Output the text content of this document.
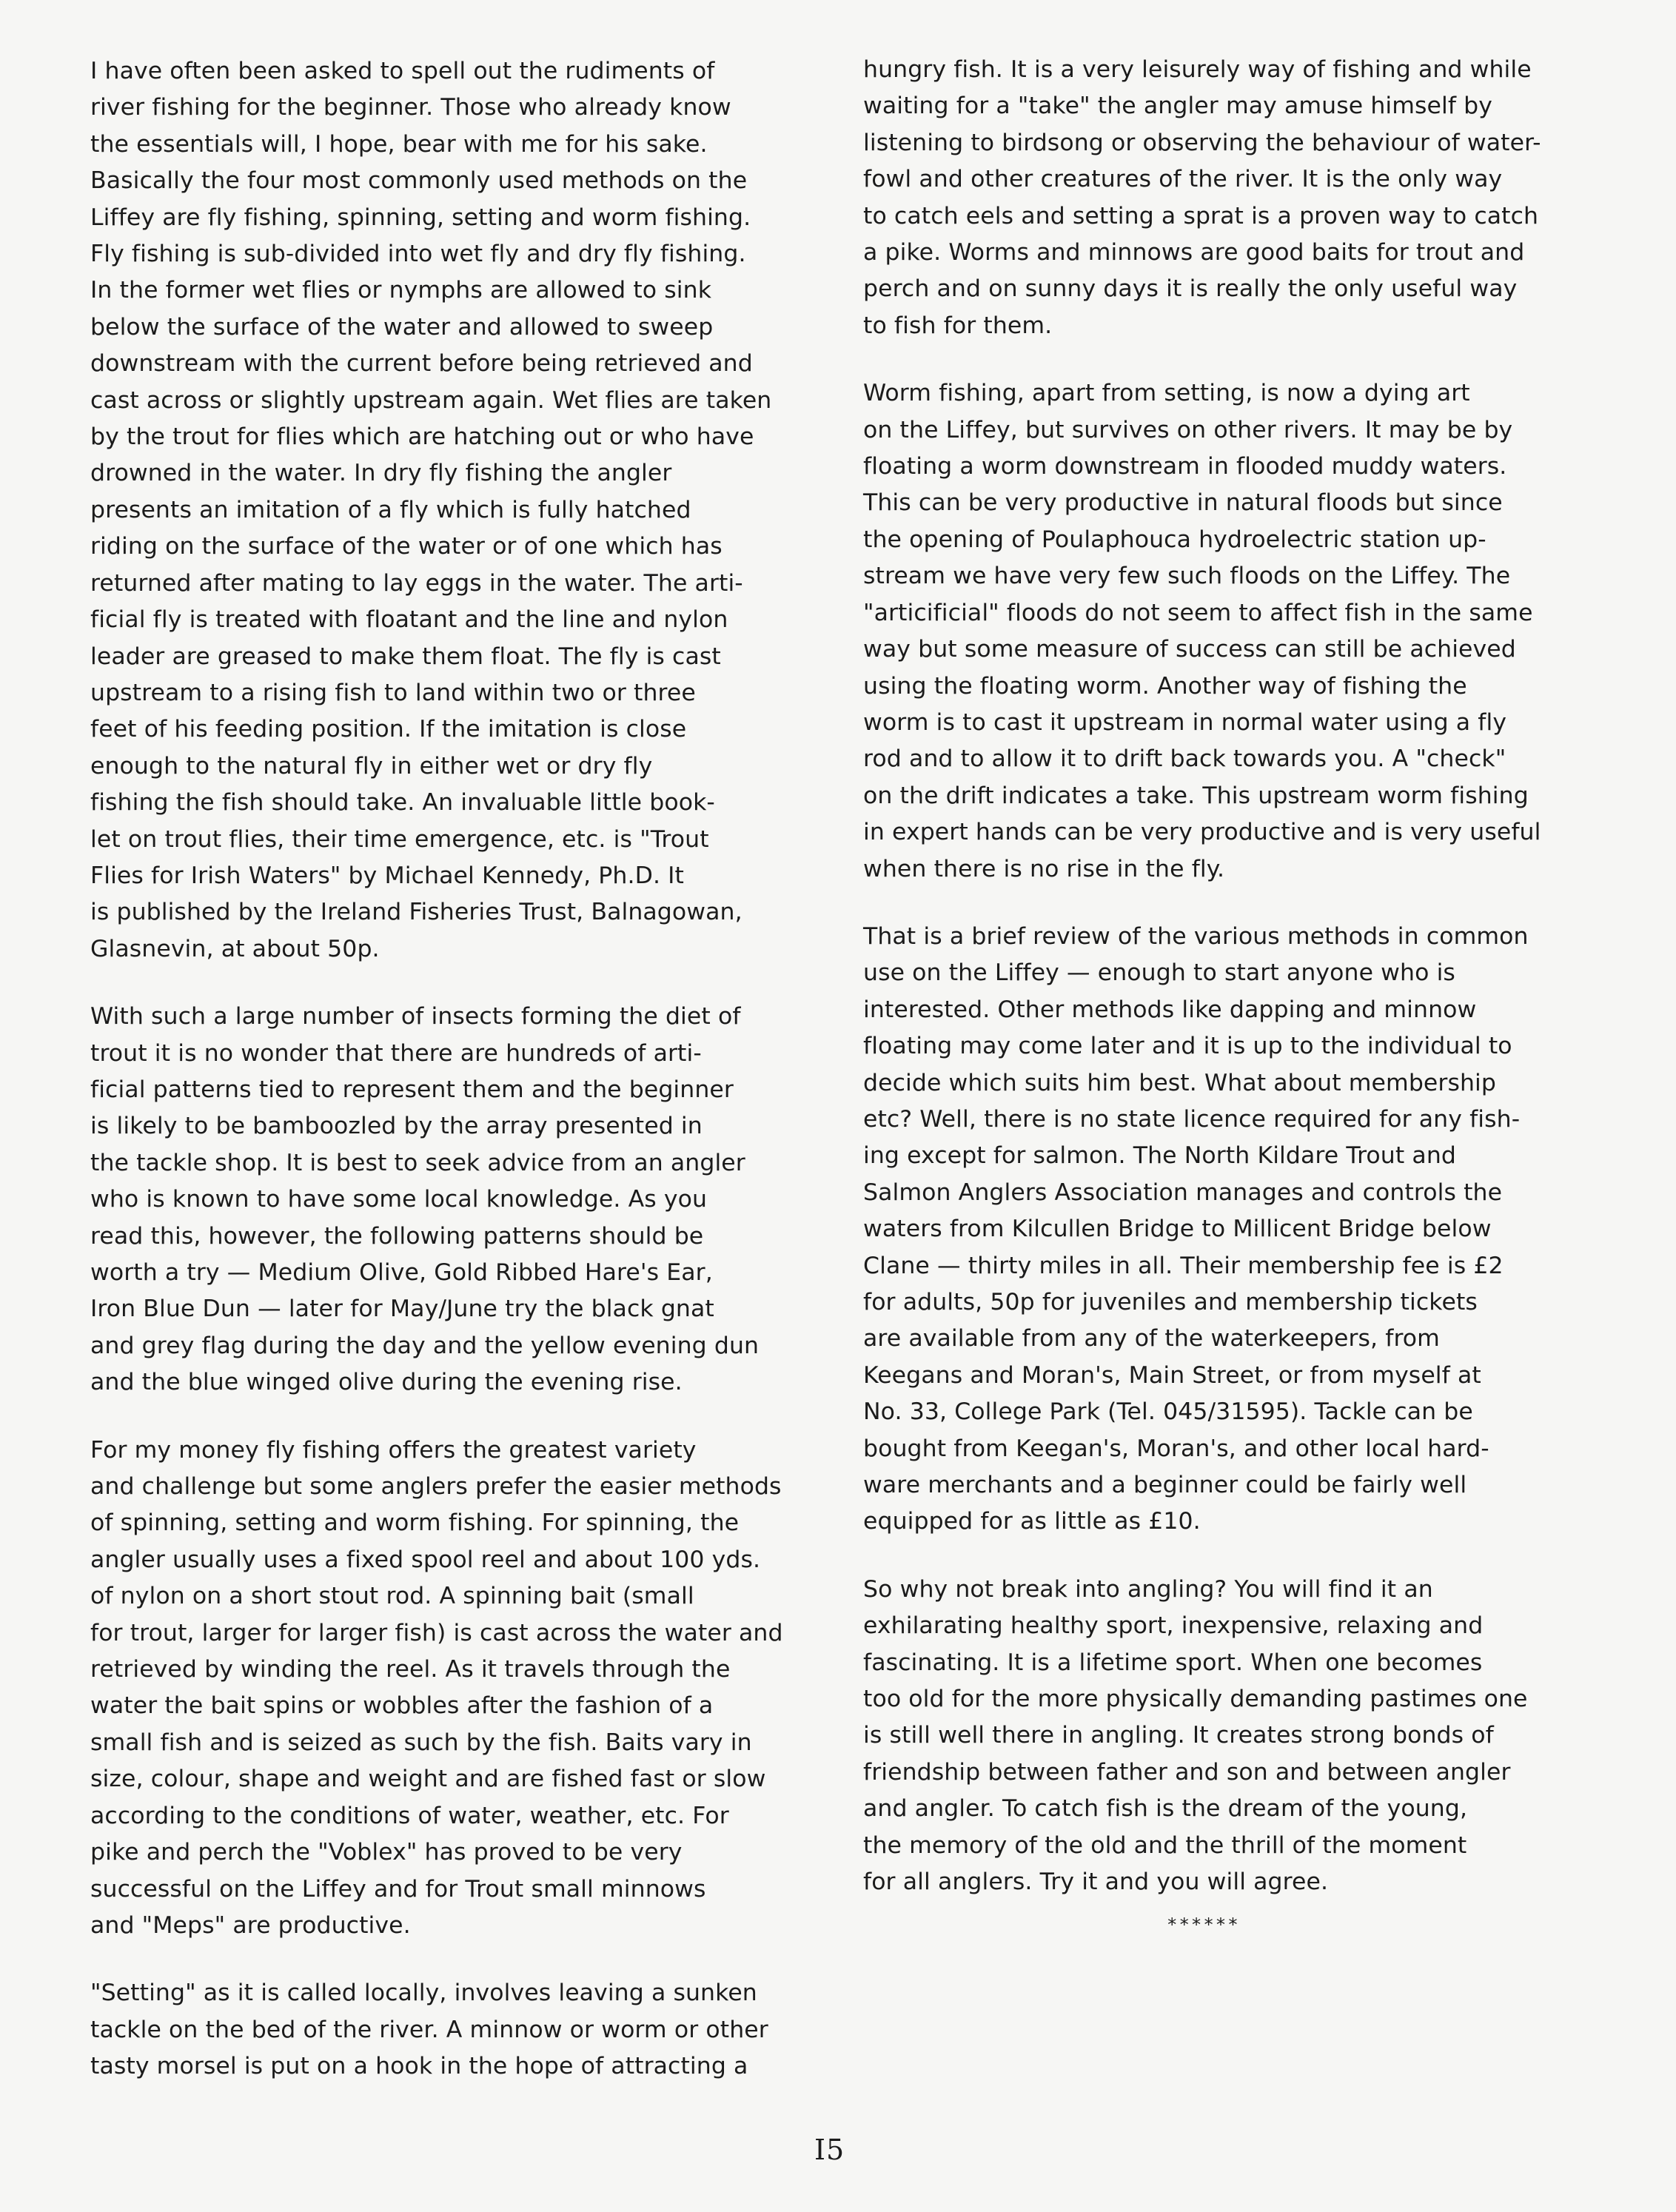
I have often been asked to spell out the rudiments of
river fishing for the beginner. Those who already know
the essentials will, I hope, bear with me for his sake.
Basically the four most commonly used methods on the
Liffey are fly fishing, spinning, setting and worm fishing.
Fly fishing is sub-divided into wet fly and dry fly fishing.
In the former wet flies or nymphs are allowed to sink
below the surface of the water and allowed to sweep
downstream with the current before being retrieved and
cast across or slightly upstream again. Wet flies are taken
by the trout for flies which are hatching out or who have
drowned in the water. In dry fly fishing the angler
presents an imitation of a fly which is fully hatched
riding on the surface of the water or of one which has
returned after mating to lay eggs in the water. The arti-
ficial fly is treated with floatant and the line and nylon
leader are greased to make them float. The fly is cast
upstream to a rising fish to land within two or three
feet of his feeding position. If the imitation is close
enough to the natural fly in either wet or dry fly
fishing the fish should take. An invaluable little book-
let on trout flies, their time emergence, etc. is "Trout
Flies for Irish Waters" by Michael Kennedy, Ph.D. It
is published by the Ireland Fisheries Trust, Balnagowan,
Glasnevin, at about 50p.

With such a large number of insects forming the diet of
trout it is no wonder that there are hundreds of arti-
ficial patterns tied to represent them and the beginner
is likely to be bamboozled by the array presented in
the tackle shop. It is best to seek advice from an angler
who is known to have some local knowledge. As you
read this, however, the following patterns should be
worth a try — Medium Olive, Gold Ribbed Hare's Ear,
Iron Blue Dun — later for May/June try the black gnat
and grey flag during the day and the yellow evening dun
and the blue winged olive during the evening rise.

For my money fly fishing offers the greatest variety
and challenge but some anglers prefer the easier methods
of spinning, setting and worm fishing. For spinning, the
angler usually uses a fixed spool reel and about 100 yds.
of nylon on a short stout rod. A spinning bait (small
for trout, larger for larger fish) is cast across the water and
retrieved by winding the reel. As it travels through the
water the bait spins or wobbles after the fashion of a
small fish and is seized as such by the fish. Baits vary in
size, colour, shape and weight and are fished fast or slow
according to the conditions of water, weather, etc. For
pike and perch the "Voblex" has proved to be very
successful on the Liffey and for Trout small minnows
and "Meps" are productive.

"Setting" as it is called locally, involves leaving a sunken
tackle on the bed of the river. A minnow or worm or other
tasty morsel is put on a hook in the hope of attracting a

hungry fish. It is a very leisurely way of fishing and while
waiting for a "take" the angler may amuse himself by
listening to birdsong or observing the behaviour of water-
fowl and other creatures of the river. It is the only way
to catch eels and setting a sprat is a proven way to catch
a pike. Worms and minnows are good baits for trout and
perch and on sunny days it is really the only useful way
to fish for them.

Worm fishing, apart from setting, is now a dying art
on the Liffey, but survives on other rivers. It may be by
floating a worm downstream in flooded muddy waters.
This can be very productive in natural floods but since
the opening of Poulaphouca hydroelectric station up-
stream we have very few such floods on the Liffey. The
"articificial" floods do not seem to affect fish in the same
way but some measure of success can still be achieved
using the floating worm. Another way of fishing the
worm is to cast it upstream in normal water using a fly
rod and to allow it to drift back towards you. A "check"
on the drift indicates a take. This upstream worm fishing
in expert hands can be very productive and is very useful
when there is no rise in the fly.

That is a brief review of the various methods in common
use on the Liffey — enough to start anyone who is
interested. Other methods like dapping and minnow
floating may come later and it is up to the individual to
decide which suits him best. What about membership
etc? Well, there is no state licence required for any fish-
ing except for salmon. The North Kildare Trout and
Salmon Anglers Association manages and controls the
waters from Kilcullen Bridge to Millicent Bridge below
Clane — thirty miles in all. Their membership fee is £2
for adults, 50p for juveniles and membership tickets
are available from any of the waterkeepers, from
Keegans and Moran's, Main Street, or from myself at
No. 33, College Park (Tel. 045/31595). Tackle can be
bought from Keegan's, Moran's, and other local hard-
ware merchants and a beginner could be fairly well
equipped for as little as £10.

So why not break into angling? You will find it an
exhilarating healthy sport, inexpensive, relaxing and
fascinating. It is a lifetime sport. When one becomes
too old for the more physically demanding pastimes one
is still well there in angling. It creates strong bonds of
friendship between father and son and between angler
and angler. To catch fish is the dream of the young,
the memory of the old and the thrill of the moment
for all anglers. Try it and you will agree.

******
I5
